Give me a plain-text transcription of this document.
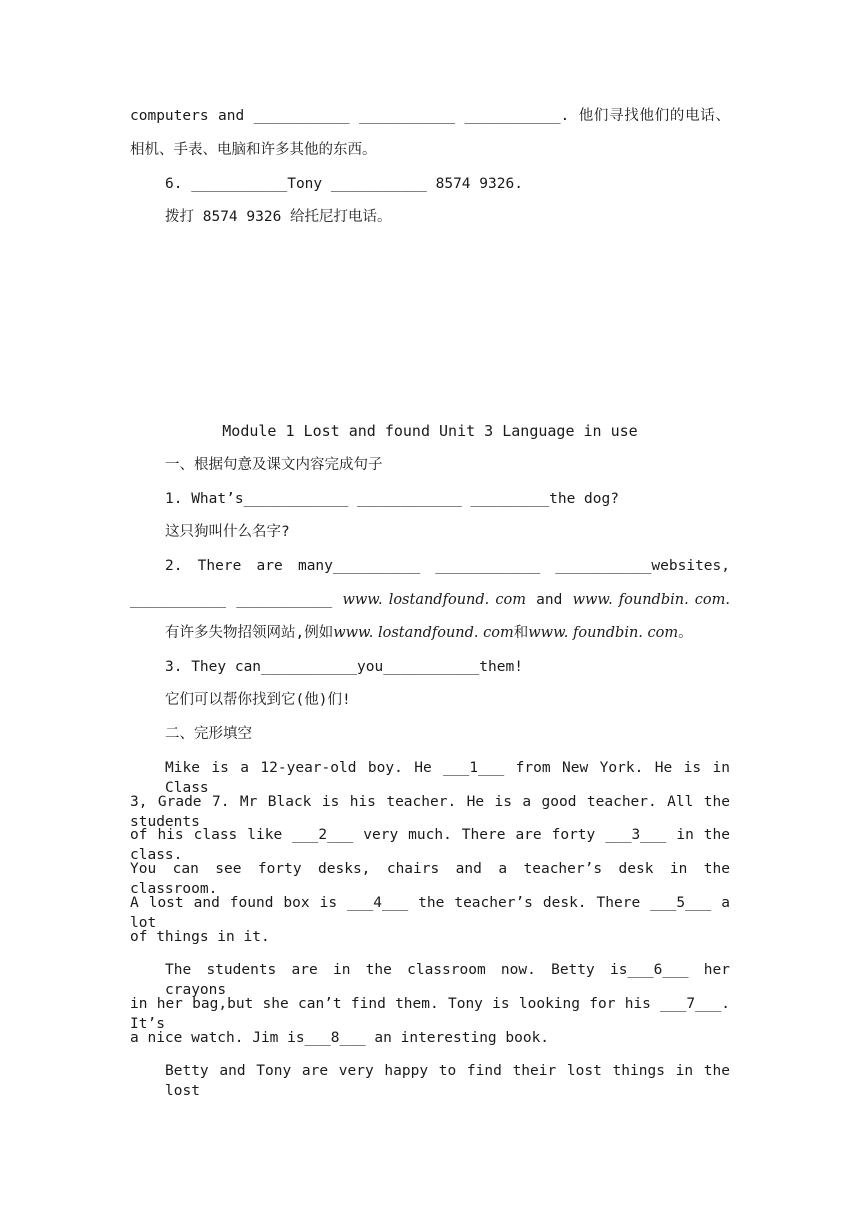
computers and ___________ ___________ ___________. 他们寻找他们的电话、
相机、手表、电脑和许多其他的东西。
6. ___________Tony ___________ 8574 9326.
拨打 8574 9326 给托尼打电话。
Module 1 Lost and found Unit 3 Language in use
一、根据句意及课文内容完成句子
1. What’s____________ ____________ _________the dog?
这只狗叫什么名字?
2. There are many__________ ____________ ___________websites,
___________ ___________ www. lostandfound. com and www. foundbin. com.
有许多失物招领网站,例如www. lostandfound. com和www. foundbin. com。
3. They can___________you___________them!
它们可以帮你找到它(他)们!
二、完形填空
Mike is a 12-year-old boy. He ___1___ from New York. He is in Class
3, Grade 7. Mr Black is his teacher. He is a good teacher. All the students
of his class like ___2___ very much. There are forty ___3___ in the class.
You can see forty desks, chairs and a teacher’s desk in the classroom.
A lost and found box is ___4___ the teacher’s desk. There ___5___ a lot
of things in it.
The students are in the classroom now. Betty is___6___ her crayons
in her bag,but she can’t find them. Tony is looking for his ___7___. It’s
a nice watch. Jim is___8___ an interesting book.
Betty and Tony are very happy to find their lost things in the lost
